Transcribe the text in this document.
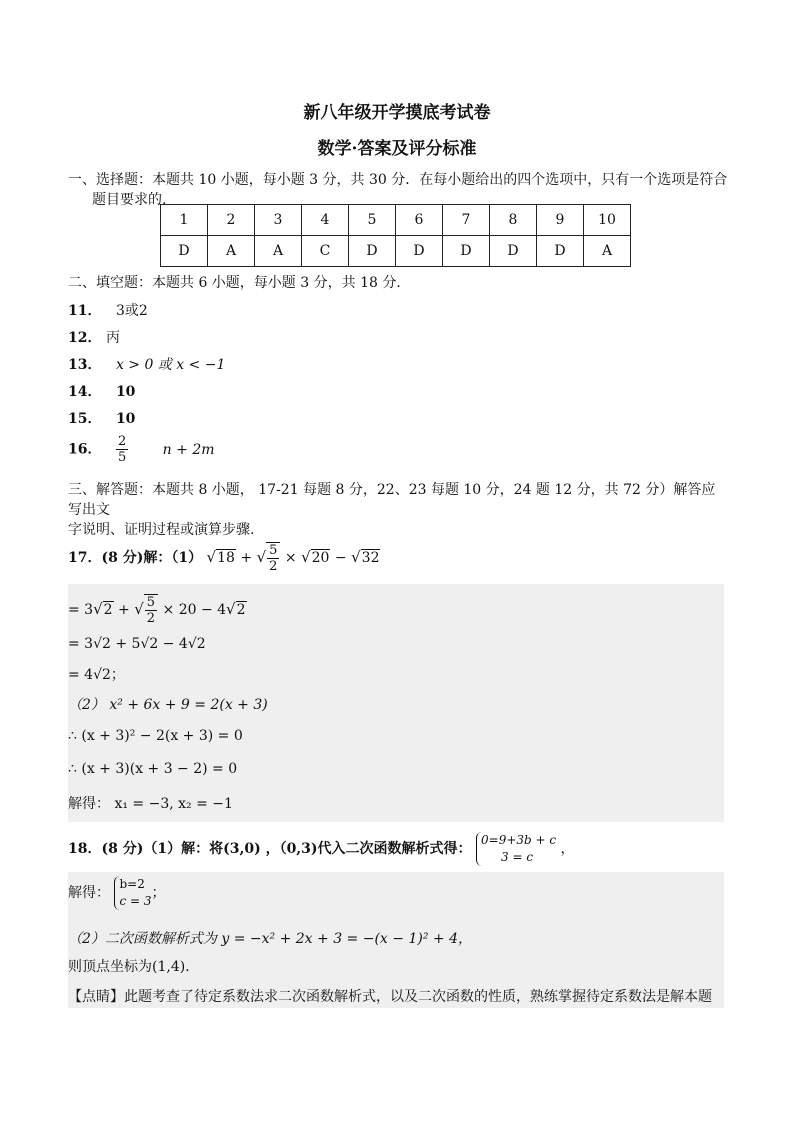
新八年级开学摸底考试卷
数学·答案及评分标准
一、选择题：本题共 10 小题，每小题 3 分，共 30 分．在每小题给出的四个选项中，只有一个选项是符合
题目要求的.
1	2	3	4	5	6	7	8	9	10
D	A	A	C	D	D	D	D	D	A
二、填空题：本题共 6 小题，每小题 3 分，共 18 分．
11． 3或2
12． 丙
13． x > 0 或 x < −1
14． 10
15． 10
16． $\frac{2}{5}$ n + 2m
三、解答题：本题共 8 小题， 17-21 每题 8 分，22、23 每题 10 分，24 题 12 分，共 72 分）解答应写出文
字说明、证明过程或演算步骤.
17．(8 分)解：（1） √18 + √ $\frac{5}{2} \times √20 - √32$
= 3√2 + √ $\frac{5}{2} \times 20 - 4√2$
= 3√2 + 5√2 − 4√2
= 4√2；
（2） x² + 6x + 9 = 2(x + 3)
∴ (x + 3)² − 2(x + 3) = 0
∴ (x + 3)(x + 3 − 2) = 0
解得： x₁ = −3, x₂ = −1
18．(8 分)（1）解：将(3,0) ，（0,3)代入二次函数解析式得： 0=9+3b + c
3 = c ，
解得： b=2
c = 3；
（2）二次函数解析式为 y = −x² + 2x + 3 = −(x − 1)² + 4，
则顶点坐标为(1,4)．
【点睛】此题考查了待定系数法求二次函数解析式，以及二次函数的性质，熟练掌握待定系数法是解本题
